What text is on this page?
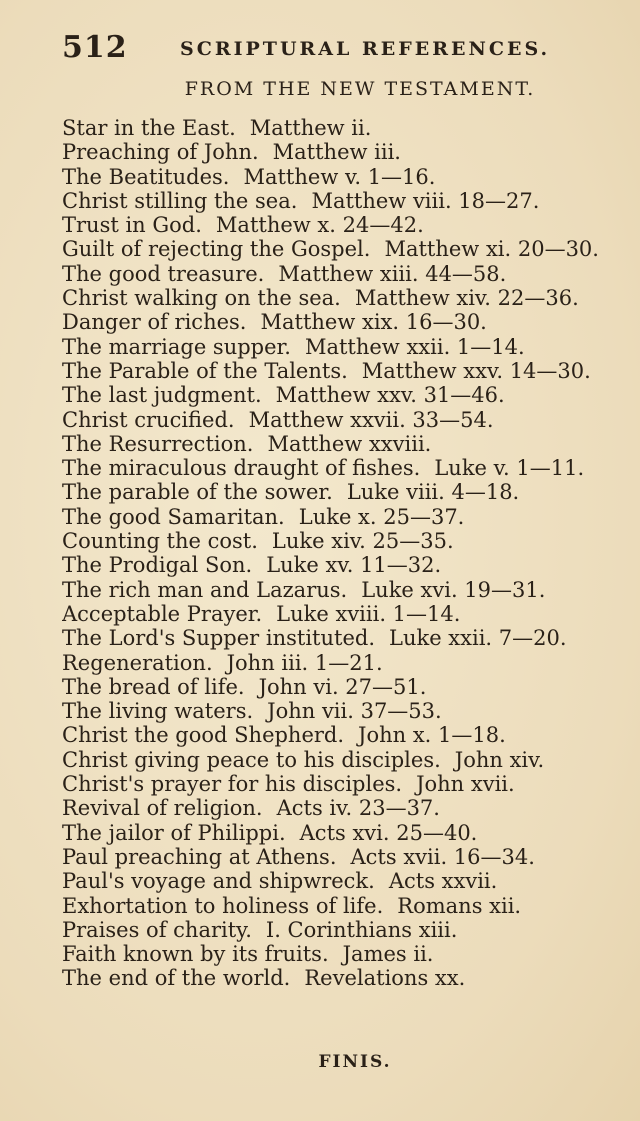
512	SCRIPTURAL REFERENCES.
FROM THE NEW TESTAMENT.
Star in the East. Matthew ii.
Preaching of John. Matthew iii.
The Beatitudes. Matthew v. 1—16.
Christ stilling the sea. Matthew viii. 18—27.
Trust in God. Matthew x. 24—42.
Guilt of rejecting the Gospel. Matthew xi. 20—30.
The good treasure. Matthew xiii. 44—58.
Christ walking on the sea. Matthew xiv. 22—36.
Danger of riches. Matthew xix. 16—30.
The marriage supper. Matthew xxii. 1—14.
The Parable of the Talents. Matthew xxv. 14—30.
The last judgment. Matthew xxv. 31—46.
Christ crucified. Matthew xxvii. 33—54.
The Resurrection. Matthew xxviii.
The miraculous draught of fishes. Luke v. 1—11.
The parable of the sower. Luke viii. 4—18.
The good Samaritan. Luke x. 25—37.
Counting the cost. Luke xiv. 25—35.
The Prodigal Son. Luke xv. 11—32.
The rich man and Lazarus. Luke xvi. 19—31.
Acceptable Prayer. Luke xviii. 1—14.
The Lord's Supper instituted. Luke xxii. 7—20.
Regeneration. John iii. 1—21.
The bread of life. John vi. 27—51.
The living waters. John vii. 37—53.
Christ the good Shepherd. John x. 1—18.
Christ giving peace to his disciples. John xiv.
Christ's prayer for his disciples. John xvii.
Revival of religion. Acts iv. 23—37.
The jailor of Philippi. Acts xvi. 25—40.
Paul preaching at Athens. Acts xvii. 16—34.
Paul's voyage and shipwreck. Acts xxvii.
Exhortation to holiness of life. Romans xii.
Praises of charity. I. Corinthians xiii.
Faith known by its fruits. James ii.
The end of the world. Revelations xx.
FINIS.
